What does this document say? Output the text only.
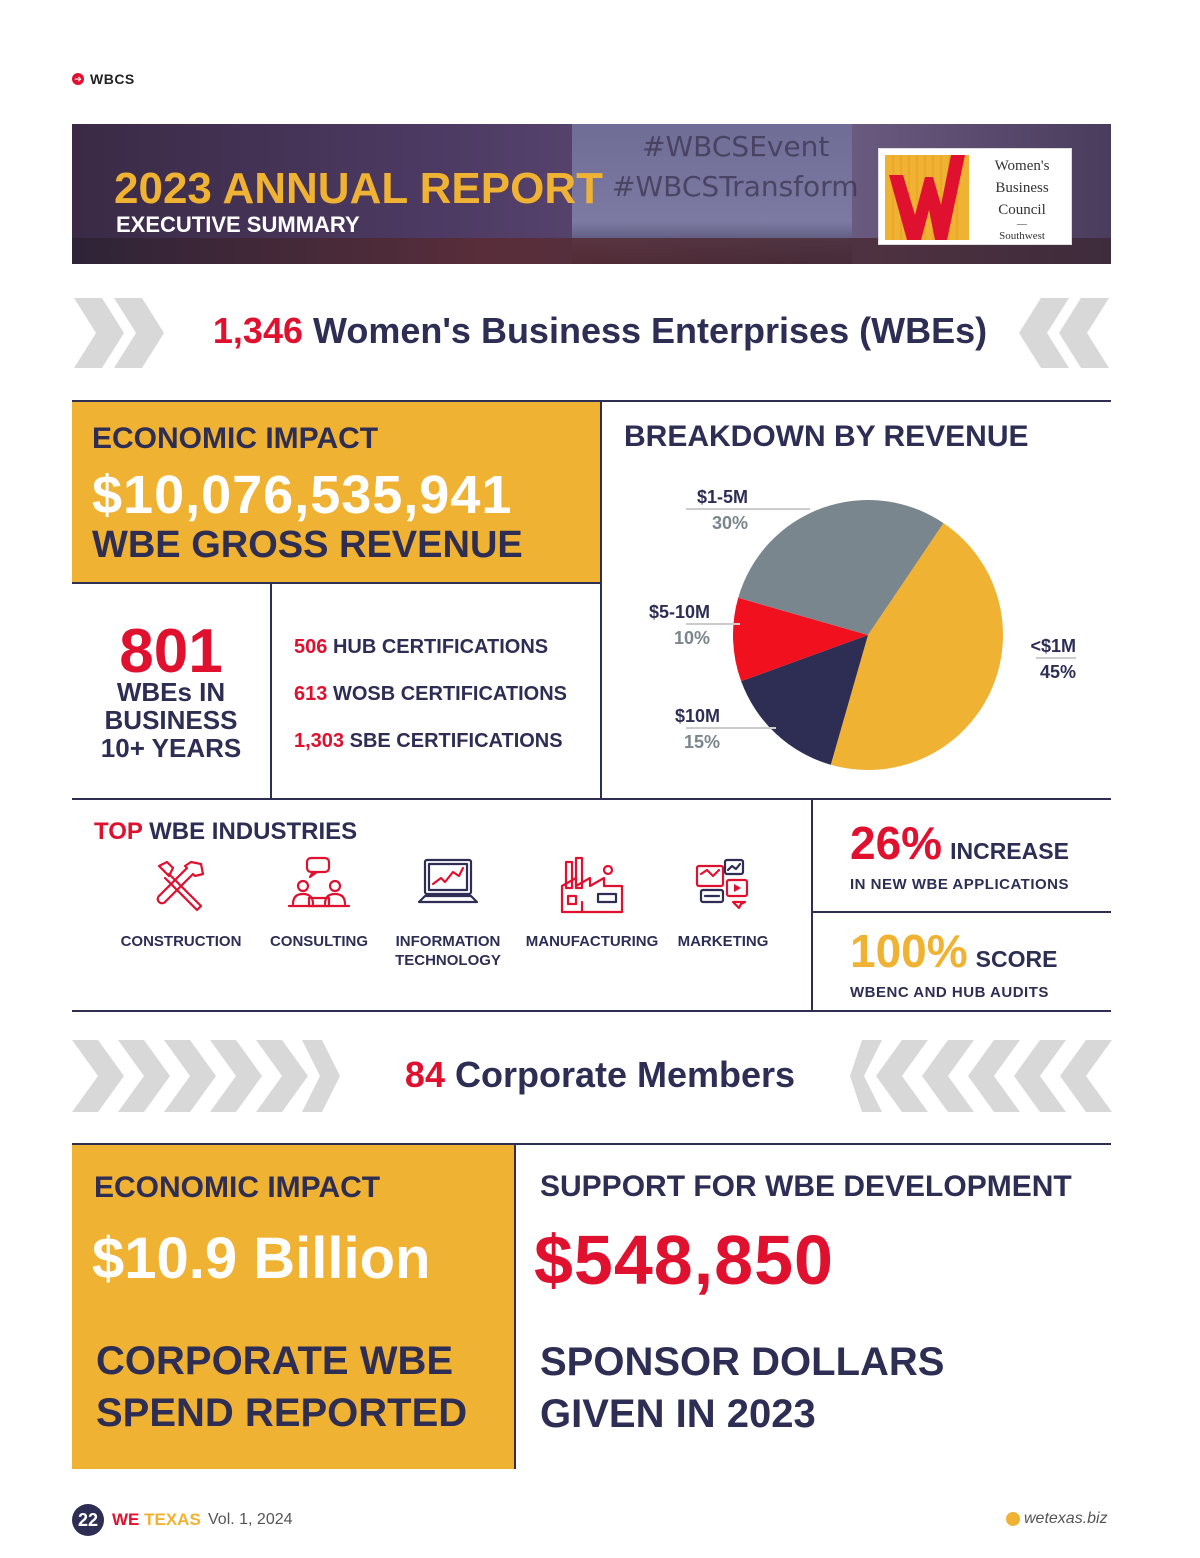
➔ WBCS
#WBCSEvent
#WBCSTransform
2023 ANNUAL REPORT
EXECUTIVE SUMMARY
Women's
Business
Council
—
Southwest
1,346 Women's Business Enterprises (WBEs)
ECONOMIC IMPACT
$10,076,535,941
WBE GROSS REVENUE
801
WBEs IN
BUSINESS
10+ YEARS
506 HUB CERTIFICATIONS
613 WOSB CERTIFICATIONS
1,303 SBE CERTIFICATIONS
BREAKDOWN BY REVENUE
<$1M
45%
$10M
15%
$5-10M
10%
$1-5M
30%
TOP WBE INDUSTRIES
CONSTRUCTION	CONSULTING	INFORMATION
TECHNOLOGY
MANUFACTURING	MARKETING
26% INCREASE
IN NEW WBE APPLICATIONS
100% SCORE
WBENC AND HUB AUDITS
84 Corporate Members
ECONOMIC IMPACT
$10.9 Billion
CORPORATE WBE
SPEND REPORTED
SUPPORT FOR WBE DEVELOPMENT
$548,850
SPONSOR DOLLARS
GIVEN IN 2023
22 WE TEXAS Vol. 1, 2024	wetexas.biz
